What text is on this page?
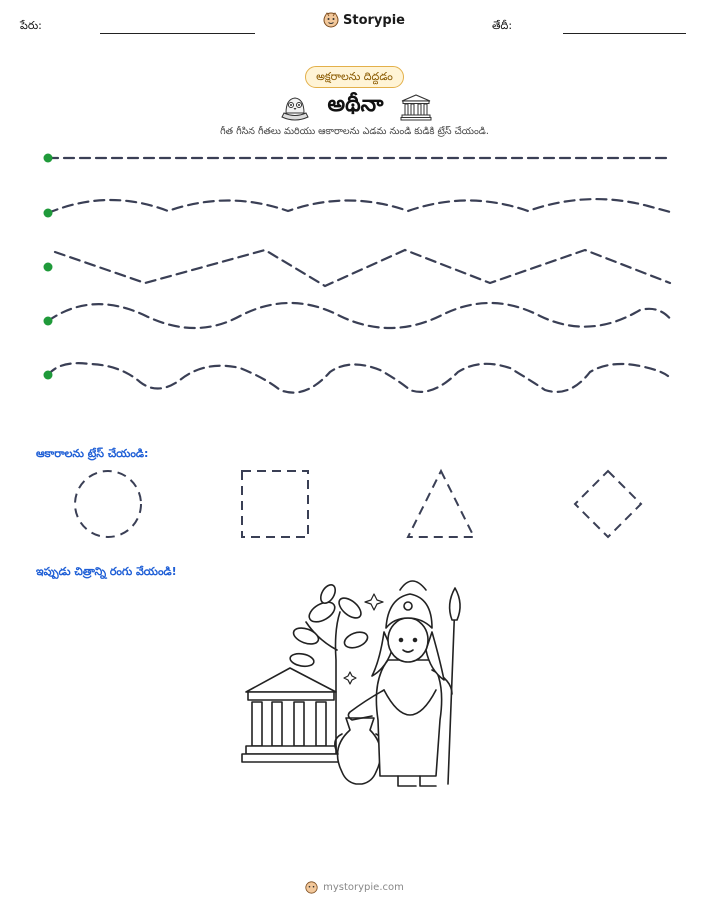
పేరు:	Storypie	తేదీ:
అక్షరాలను దిద్దడం
అథీనా
గీత గీసిన గీతలు మరియు ఆకారాలను ఎడమ నుండి కుడికి ట్రేస్ చేయండి.
ఆకారాలను ట్రేస్ చేయండి:
ఇప్పుడు చిత్రాన్ని రంగు వేయండి!
mystorypie.com
